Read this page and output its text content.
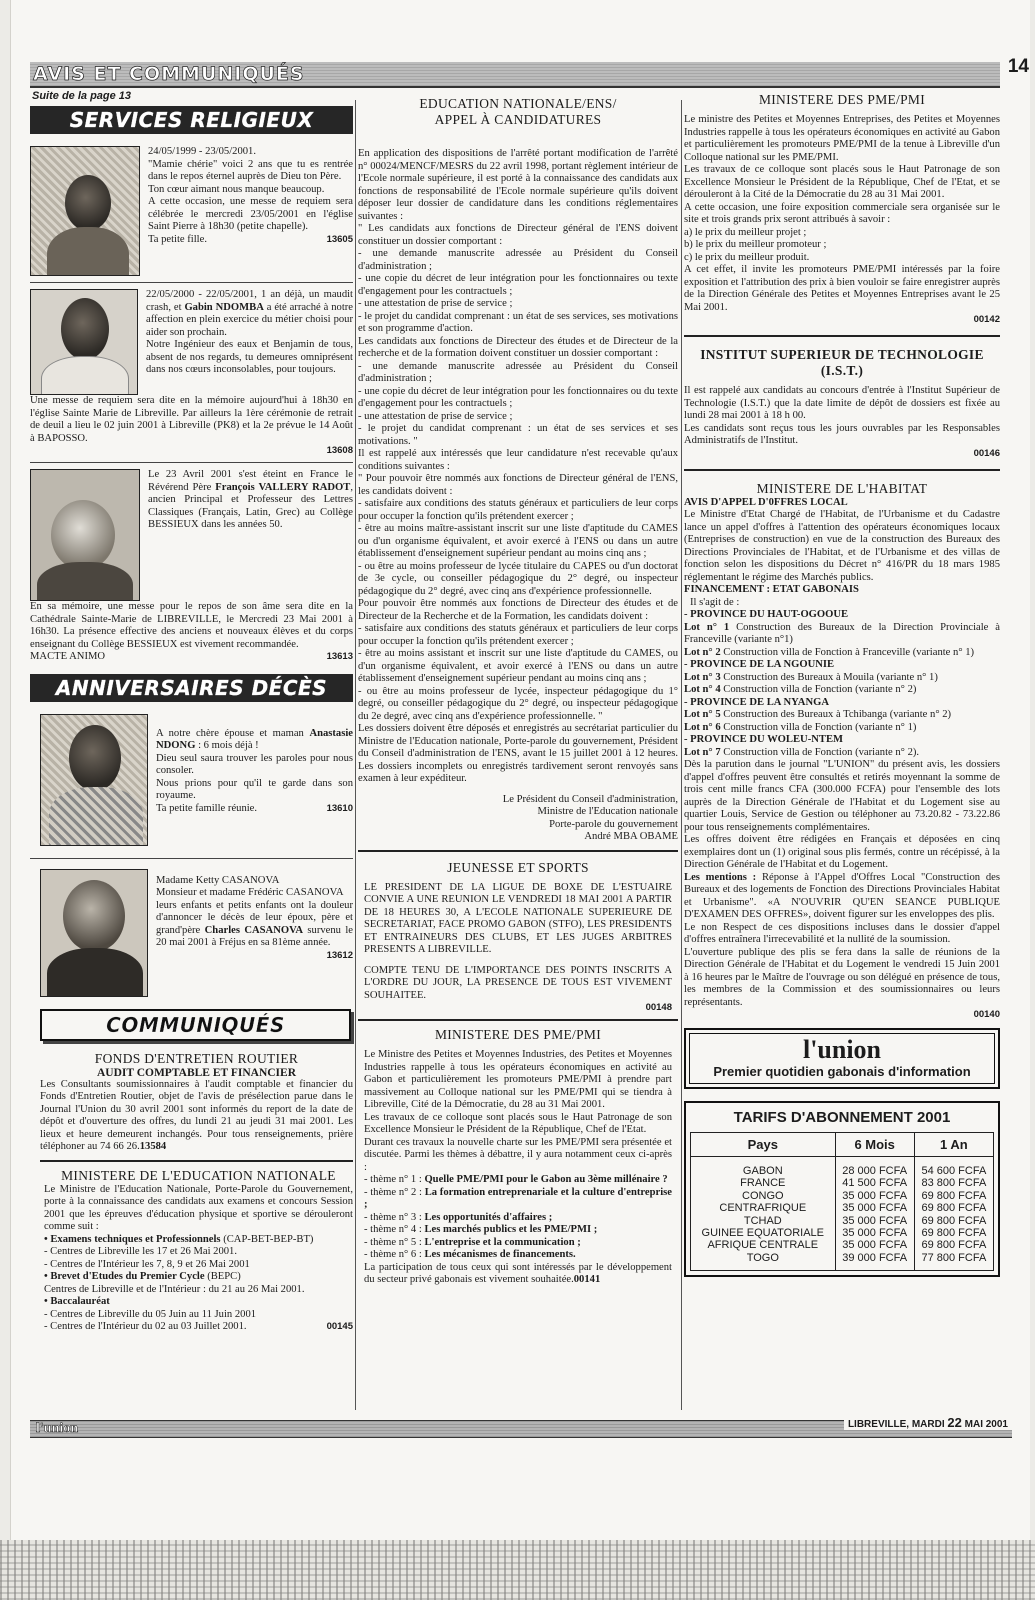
AVIS ET COMMUNIQUÉS	14
Suite de la page 13
SERVICES RELIGIEUX

24/05/1999 - 23/05/2001.

"Mamie chérie" voici 2 ans que tu es rentrée dans le repos éternel auprès de Dieu ton Père.

Ton cœur aimant nous manque beaucoup.

A cette occasion, une messe de requiem sera célébrée le mercredi 23/05/2001 en l'église Saint Pierre à 18h30 (petite chapelle).

Ta petite fille.	13605

22/05/2000 - 22/05/2001, 1 an déjà, un maudit crash, et Gabin NDOMBA a été arraché à notre affection en plein exercice du métier choisi pour aider son prochain.

Notre Ingénieur des eaux et Benjamin de tous, absent de nos regards, tu demeures omniprésent dans nos cœurs inconsolables, pour toujours.

Une messe de requiem sera dite en la mémoire aujourd'hui à 18h30 en l'église Sainte Marie de Libreville. Par ailleurs la 1ère cérémonie de retrait de deuil a lieu le 02 juin 2001 à Libreville (PK8) et la 2e prévue le 14 Août à BAPOSSO.

13608

Le 23 Avril 2001 s'est éteint en France le Révérend Père François VALLERY RADOT, ancien Principal et Professeur des Lettres Classiques (Français, Latin, Grec) au Collège BESSIEUX dans les années 50.

En sa mémoire, une messe pour le repos de son âme sera dite en la Cathédrale Sainte-Marie de LIBREVILLE, le Mercredi 23 Mai 2001 à 16h30. La présence effective des anciens et nouveaux élèves et du corps enseignant du Collège BESSIEUX est vivement recommandée.

MACTE ANIMO	13613
ANNIVERSAIRES DÉCÈS

A notre chère épouse et maman Anastasie NDONG : 6 mois déjà !

Dieu seul saura trouver les paroles pour nous consoler.

Nous prions pour qu'il te garde dans son royaume.

Ta petite famille réunie.	13610

Madame Ketty CASANOVA

Monsieur et madame Frédéric CASANOVA

leurs enfants et petits enfants ont la douleur d'annoncer le décès de leur époux, père et grand'père Charles CASANOVA survenu le 20 mai 2001 à Fréjus en sa 81ème année.

13612
COMMUNIQUÉS
FONDS D'ENTRETIEN ROUTIER
AUDIT COMPTABLE ET FINANCIER

Les Consultants soumissionnaires à l'audit comptable et financier du Fonds d'Entretien Routier, objet de l'avis de présélection parue dans le Journal l'Union du 30 avril 2001 sont informés du report de la date de dépôt et d'ouverture des offres, du lundi 21 au jeudi 31 mai 2001. Les lieux et heure demeurent inchangés. Pour tous renseignements, prière téléphoner au 74 66 26.13584

MINISTERE DE L'EDUCATION NATIONALE

Le Ministre de l'Education Nationale, Porte-Parole du Gouvernement, porte à la connaissance des candidats aux examens et concours Session 2001 que les épreuves d'éducation physique et sportive se dérouleront comme suit :

• Examens techniques et Professionnels (CAP-BET-BEP-BT)

- Centres de Libreville les 17 et 26 Mai 2001.

- Centres de l'Intérieur les 7, 8, 9 et 26 Mai 2001

• Brevet d'Etudes du Premier Cycle (BEPC)

Centres de Libreville et de l'Intérieur : du 21 au 26 Mai 2001.

• Baccalauréat

- Centres de Libreville du 05 Juin au 11 Juin 2001

- Centres de l'Intérieur du 02 au 03 Juillet 2001.	00145
EDUCATION NATIONALE/ENS/
APPEL À CANDIDATURES

En application des dispositions de l'arrêté portant modification de l'arrêté n° 00024/MENCF/MESRS du 22 avril 1998, portant règlement intérieur de l'Ecole normale supérieure, il est porté à la connaissance des candidats aux fonctions de responsabilité de l'Ecole normale supérieure qu'ils doivent déposer leur dossier de candidature dans les conditions réglementaires suivantes :

" Les candidats aux fonctions de Directeur général de l'ENS doivent constituer un dossier comportant :

- une demande manuscrite adressée au Président du Conseil d'administration ;

- une copie du décret de leur intégration pour les fonctionnaires ou texte d'engagement pour les contractuels ;

- une attestation de prise de service ;

- le projet du candidat comprenant : un état de ses services, ses motivations et son programme d'action.

Les candidats aux fonctions de Directeur des études et de Directeur de la recherche et de la formation doivent constituer un dossier comportant :

- une demande manuscrite adressée au Président du Conseil d'administration ;

- une copie du décret de leur intégration pour les fonctionnaires ou du texte d'engagement pour les contractuels ;

- une attestation de prise de service ;

- le projet du candidat comprenant : un état de ses services et ses motivations. "

Il est rappelé aux intéressés que leur candidature n'est recevable qu'aux conditions suivantes :

" Pour pouvoir être nommés aux fonctions de Directeur général de l'ENS, les candidats doivent :

- satisfaire aux conditions des statuts généraux et particuliers de leur corps pour occuper la fonction qu'ils prétendent exercer ;

- être au moins maître-assistant inscrit sur une liste d'aptitude du CAMES ou d'un organisme équivalent, et avoir exercé à l'ENS ou dans un autre établissement d'enseignement supérieur pendant au moins cinq ans ;

- ou être au moins professeur de lycée titulaire du CAPES ou d'un doctorat de 3e cycle, ou conseiller pédagogique du 2° degré, ou inspecteur pédagogique du 2° degré, avec cinq ans d'expérience professionnelle.

Pour pouvoir être nommés aux fonctions de Directeur des études et de Directeur de la Recherche et de la Formation, les candidats doivent :

- satisfaire aux conditions des statuts généraux et particuliers de leur corps pour occuper la fonction qu'ils prétendent exercer ;

- être au moins assistant et inscrit sur une liste d'aptitude du CAMES, ou d'un organisme équivalent, et avoir exercé à l'ENS ou dans un autre établissement d'enseignement supérieur pendant au moins cinq ans ;

- ou être au moins professeur de lycée, inspecteur pédagogique du 1° degré, ou conseiller pédagogique du 2° degré, ou inspecteur pédagogique du 2e degré, avec cinq ans d'expérience professionnelle. "

Les dossiers doivent être déposés et enregistrés au secrétariat particulier du Ministre de l'Education nationale, Porte-parole du gouvernement, Président du Conseil d'administration de l'ENS, avant le 15 juillet 2001 à 12 heures. Les dossiers incomplets ou enregistrés tardivement seront renvoyés sans examen à leur expéditeur.

Le Président du Conseil d'administration,

Ministre de l'Education nationale

Porte-parole du gouvernement

André MBA OBAME

JEUNESSE ET SPORTS

LE PRESIDENT DE LA LIGUE DE BOXE DE L'ESTUAIRE CONVIE A UNE REUNION LE VENDREDI 18 MAI 2001 A PARTIR DE 18 HEURES 30, A L'ECOLE NATIONALE SUPERIEURE DE SECRETARIAT, FACE PROMO GABON (STFO), LES PRESIDENTS ET ENTRAINEURS DES CLUBS, ET LES JUGES ARBITRES PRESENTS A LIBREVILLE.

COMPTE TENU DE L'IMPORTANCE DES POINTS INSCRITS A L'ORDRE DU JOUR, LA PRESENCE DE TOUS EST VIVEMENT SOUHAITEE.

00148
MINISTERE DES PME/PMI

Le Ministre des Petites et Moyennes Industries, des Petites et Moyennes Industries rappelle à tous les opérateurs économiques en activité au Gabon et particulièrement les promoteurs PME/PMI à prendre part massivement au Colloque national sur les PME/PMI qui se tiendra à Libreville, Cité de la Démocratie, du 28 au 31 Mai 2001.

Les travaux de ce colloque sont placés sous le Haut Patronage de son Excellence Monsieur le Président de la République, Chef de l'Etat.

Durant ces travaux la nouvelle charte sur les PME/PMI sera présentée et discutée. Parmi les thèmes à débattre, il y aura notamment ceux ci-après :

- thème n° 1 : Quelle PME/PMI pour le Gabon au 3ème millénaire ?

- thème n° 2 : La formation entreprenariale et la culture d'entreprise ;

- thème n° 3 : Les opportunités d'affaires ;

- thème n° 4 : Les marchés publics et les PME/PMI ;

- thème n° 5 : L'entreprise et la communication ;

- thème n° 6 : Les mécanismes de financements.

La participation de tous ceux qui sont intéressés par le développement du secteur privé gabonais est vivement souhaitée.00141

MINISTERE DES PME/PMI

Le ministre des Petites et Moyennes Entreprises, des Petites et Moyennes Industries rappelle à tous les opérateurs économiques en activité au Gabon et particulièrement les promoteurs PME/PMI de la tenue à Libreville d'un Colloque national sur les PME/PMI.

Les travaux de ce colloque sont placés sous le Haut Patronage de son Excellence Monsieur le Président de la République, Chef de l'Etat, et se dérouleront à la Cité de la Démocratie du 28 au 31 Mai 2001.

A cette occasion, une foire exposition commerciale sera organisée sur le site et trois grands prix seront attribués à savoir :

a) le prix du meilleur projet ;

b) le prix du meilleur promoteur ;

c) le prix du meilleur produit.

A cet effet, il invite les promoteurs PME/PMI intéressés par la foire exposition et l'attribution des prix à bien vouloir se faire enregistrer auprès de la Direction Générale des Petites et Moyennes Entreprises avant le 25 Mai 2001.

00142
INSTITUT SUPERIEUR DE TECHNOLOGIE (I.S.T.)

Il est rappelé aux candidats au concours d'entrée à l'Institut Supérieur de Technologie (I.S.T.) que la date limite de dépôt de dossiers est fixée au lundi 28 mai 2001 à 18 h 00.

Les candidats sont reçus tous les jours ouvrables par les Responsables Administratifs de l'Institut.

00146
MINISTERE DE L'HABITAT

AVIS D'APPEL D'0FFRES LOCAL

Le Ministre d'Etat Chargé de l'Habitat, de l'Urbanisme et du Cadastre lance un appel d'offres à l'attention des opérateurs économiques locaux (Entreprises de construction) en vue de la construction des Bureaux des Directions Provinciales de l'Habitat, et de l'Urbanisme et des villas de fonction selon les dispositions du Décret n° 416/PR du 18 mars 1985 réglementant le régime des Marchés publics.

FINANCEMENT : ETAT GABONAIS

Il s'agit de :

- PROVINCE DU HAUT-OGOOUE

Lot n° 1 Construction des Bureaux de la Direction Provinciale à Franceville (variante n°1)

Lot n° 2 Construction villa de Fonction à Franceville (variante n° 1)

- PROVINCE DE LA NGOUNIE

Lot n° 3 Construction des Bureaux à Mouila (variante n° 1)

Lot n° 4 Construction villa de Fonction (variante n° 2)

- PROVINCE DE LA NYANGA

Lot n° 5 Construction des Bureaux à Tchibanga (variante n° 2)

Lot n° 6 Construction villa de Fonction (variante n° 1)

- PROVINCE DU WOLEU-NTEM

Lot n° 7 Construction villa de Fonction (variante n° 2).

Dès la parution dans le journal "L'UNION" du présent avis, les dossiers d'appel d'offres peuvent être consultés et retirés moyennant la somme de trois cent mille francs CFA (300.000 FCFA) pour l'ensemble des lots auprès de la Direction Générale de l'Habitat et du Logement sise au quartier Louis, Service de Gestion ou téléphoner au 73.20.82 - 73.22.86 pour tous renseignements complémentaires.

Les offres doivent être rédigées en Français et déposées en cinq exemplaires dont un (1) original sous plis fermés, contre un récépissé, à la Direction Générale de l'Habitat et du Logement.

Les mentions : Réponse à l'Appel d'Offres Local "Construction des Bureaux et des logements de Fonction des Directions Provinciales Habitat et Urbanisme". «A N'OUVRIR QU'EN SEANCE PUBLIQUE D'EXAMEN DES OFFRES», doivent figurer sur les enveloppes des plis.

Le non Respect de ces dispositions incluses dans le dossier d'appel d'offres entraînera l'irrecevabilité et la nullité de la soumission.

L'ouverture publique des plis se fera dans la salle de réunions de la Direction Générale de l'Habitat et du Logement le vendredi 15 Juin 2001 à 16 heures par le Maître de l'ouvrage ou son délégué en présence de tous, les membres de la Commission et des soumissionnaires ou leurs représentants.

00140
l'union
Premier quotidien gabonais d'information
TARIFS D'ABONNEMENT 2001
Pays	6 Mois	1 An
GABON	28 000 FCFA	54 600 FCFA
FRANCE	41 500 FCFA	83 800 FCFA
CONGO	35 000 FCFA	69 800 FCFA
CENTRAFRIQUE	35 000 FCFA	69 800 FCFA
TCHAD	35 000 FCFA	69 800 FCFA
GUINEE EQUATORIALE	35 000 FCFA	69 800 FCFA
AFRIQUE CENTRALE	35 000 FCFA	69 800 FCFA
TOGO	39 000 FCFA	77 800 FCFA
l'union	LIBREVILLE, MARDI 22 MAI 2001
